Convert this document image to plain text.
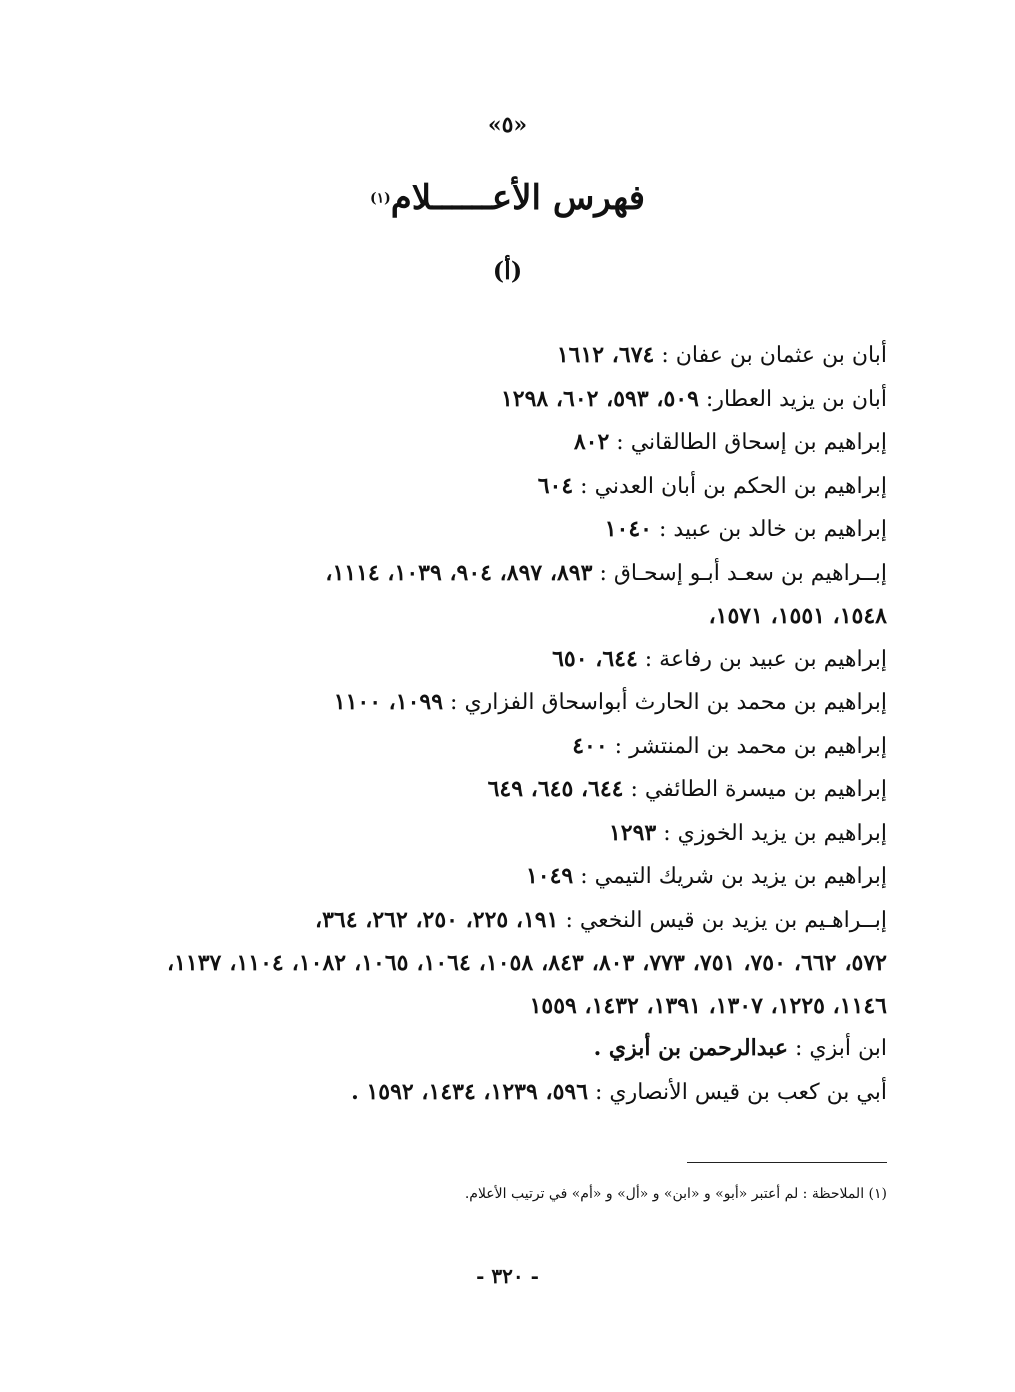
«٥»
فهرس الأعــــــلام(١)
(أ)

أبان بن عثمان بن عفان : ٦٧٤، ١٦١٢

أبان بن يزيد العطار: ٥٠٩، ٥٩٣، ٦٠٢، ١٢٩٨

إبراهيم بن إسحاق الطالقاني : ٨٠٢

إبراهيم بن الحكم بن أبان العدني : ٦٠٤

إبراهيم بن خالد بن عبيد : ١٠٤٠

إبــراهيم بن سعـد أبـو إسحـاق : ٨٩٣، ٨٩٧، ٩٠٤، ١٠٣٩، ١١١٤،
١٥٤٨، ١٥٥١، ١٥٧١،

إبراهيم بن عبيد بن رفاعة : ٦٤٤، ٦٥٠

إبراهيم بن محمد بن الحارث أبواسحاق الفزاري : ١٠٩٩، ١١٠٠

إبراهيم بن محمد بن المنتشر : ٤٠٠

إبراهيم بن ميسرة الطائفي : ٦٤٤، ٦٤٥، ٦٤٩

إبراهيم بن يزيد الخوزي : ١٢٩٣

إبراهيم بن يزيد بن شريك التيمي : ١٠٤٩

إبــراهـيم بن يزيد بن قيس النخعي : ١٩١، ٢٢٥، ٢٥٠، ٢٦٢، ٣٦٤،
٥٧٢، ٦٦٢، ٧٥٠، ٧٥١، ٧٧٣، ٨٠٣، ٨٤٣، ١٠٥٨، ١٠٦٤، ١٠٦٥، ١٠٨٢، ١١٠٤، ١١٣٧، ١١٤٦، ١٢٢٥، ١٣٠٧، ١٣٩١، ١٤٣٢، ١٥٥٩

ابن أبزي : عبدالرحمن بن أبزي .

أبي بن كعب بن قيس الأنصاري : ٥٩٦، ١٢٣٩، ١٤٣٤، ١٥٩٢ .

(١) الملاحظة : لم أعتبر «أبو» و «ابن» و «أل» و «أم» في ترتيب الأعلام.
- ٣٢٠ -
